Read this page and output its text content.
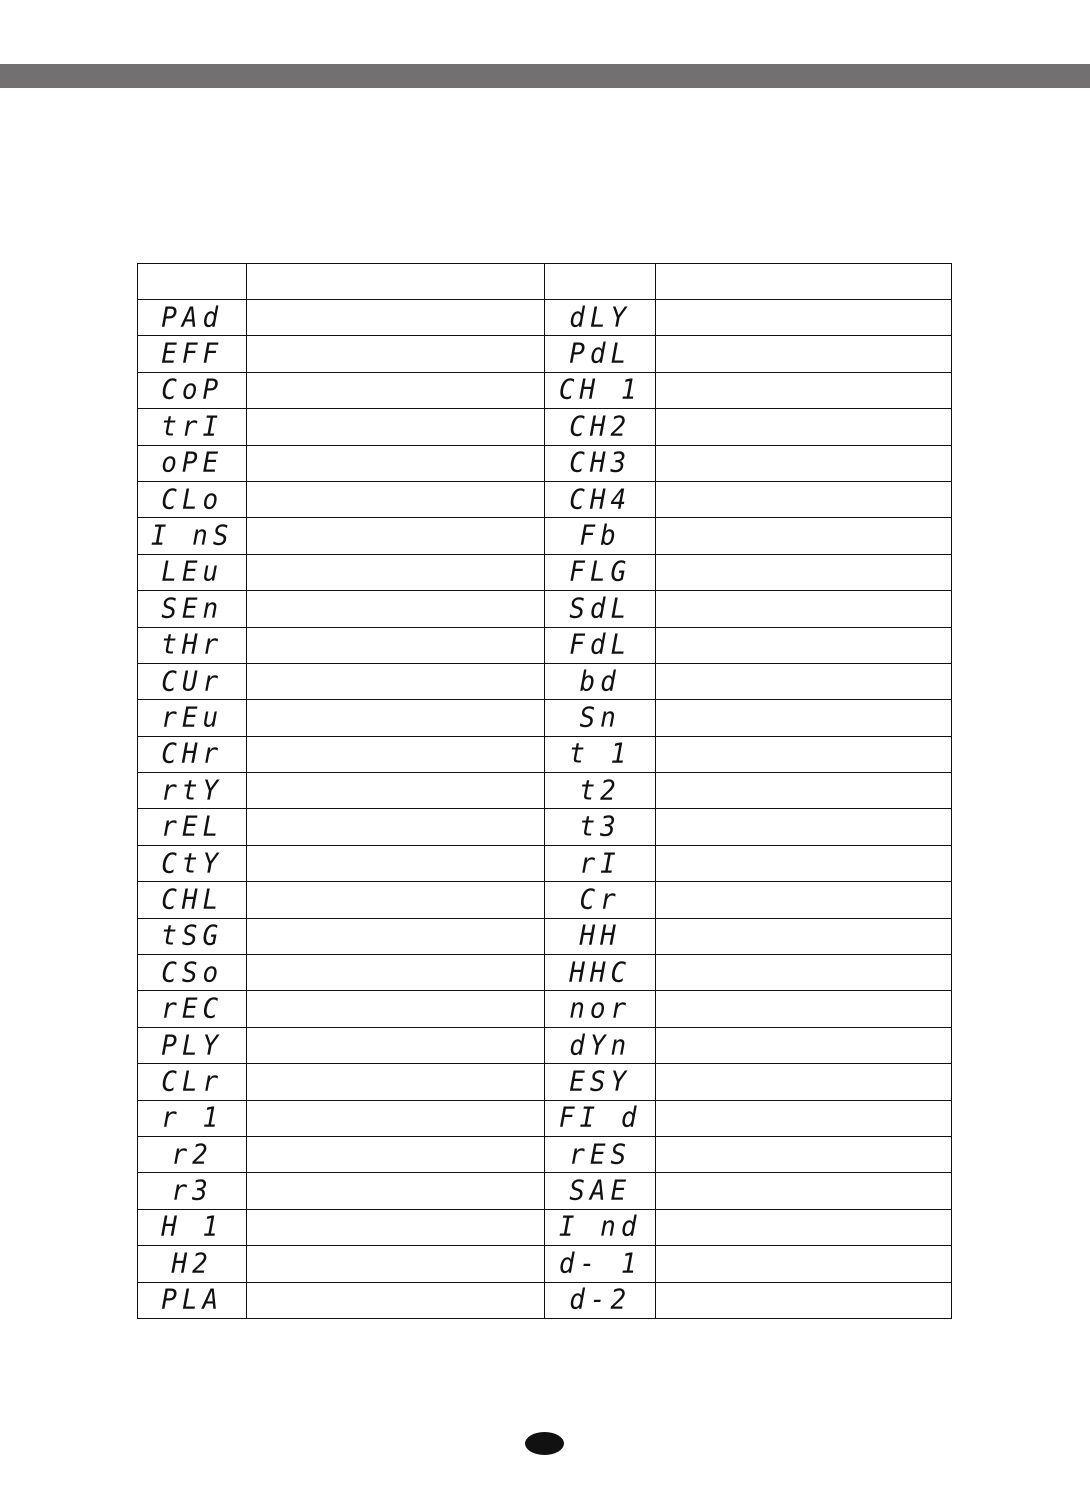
PAd		dLY	

EFF		PdL	

CoP		CH 1	

trI		CH2	

oPE		CH3	

CLo		CH4	

I nS		Fb	

LEu		FLG	

SEn		SdL	

tHr		FdL	

CUr		bd	

rEu		Sn	

CHr		t 1	

rtY		t2	

rEL		t3	

CtY		rI	

CHL		Cr	

tSG		HH	

CSo		HHC	

rEC		nor	

PLY		dYn	

CLr		ESY	

r 1		FI d	

r2		rES	

r3		SAE	

H 1		I nd	

H2		d- 1	

PLA		d-2	
